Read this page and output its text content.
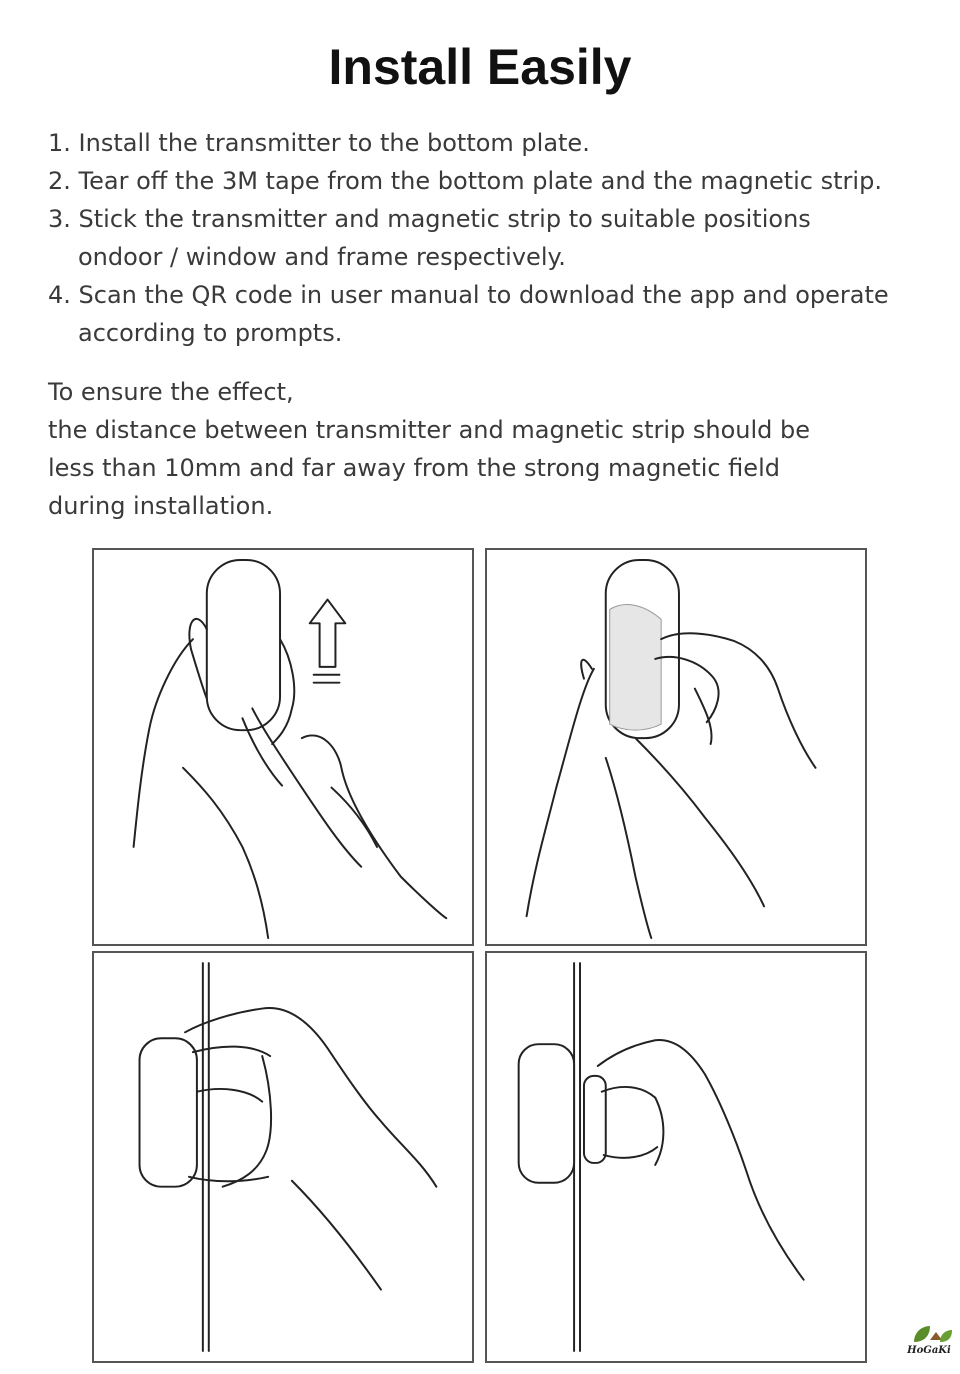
Install Easily
1. Install the transmitter to the bottom plate.
2. Tear off the 3M tape from the bottom plate and the magnetic strip.
3. Stick the transmitter and magnetic strip to suitable positions
ondoor / window and frame respectively.
4. Scan the QR code in user manual to download the app and operate
according to prompts.
To ensure the effect,
the distance between transmitter and magnetic strip should be
less than 10mm and far away from the strong magnetic field
during installation.
HoGaKi
